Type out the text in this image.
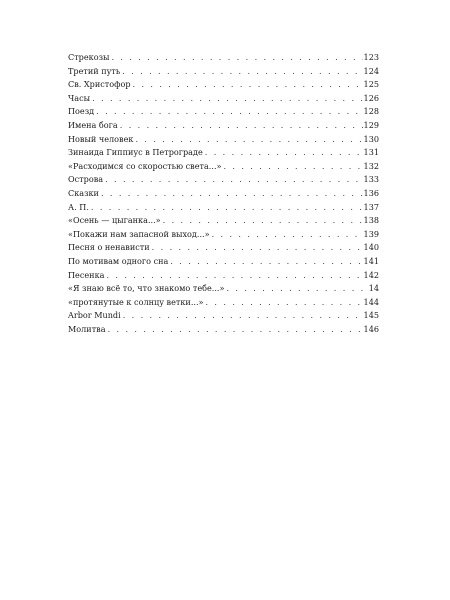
Стрекозы . . .	123
Третий путь . . .	124
Св. Христофор . . .	125
Часы . . .	126
Поезд . . .	128
Имена бога . . .	129
Новый человек . . .	130
Зинаида Гиппиус в Петрограде . . .	131
«Расходимся со скоростью света...» . . .	132
Острова . . .	133
Сказки . . .	136
А. П. . . .	137
«Осень — цыганка...» . . .	138
«Покажи нам запасной выход...» . . .	139
Песня о ненависти . . .	140
По мотивам одного сна . . .	141
Песенка . . .	142
«Я знаю всё то, что знакомо тебе...» . . .	14
«протянутые к солнцу ветки...» . . .	144
Arbor Mundi . . .	145
Молитва . . .	146
